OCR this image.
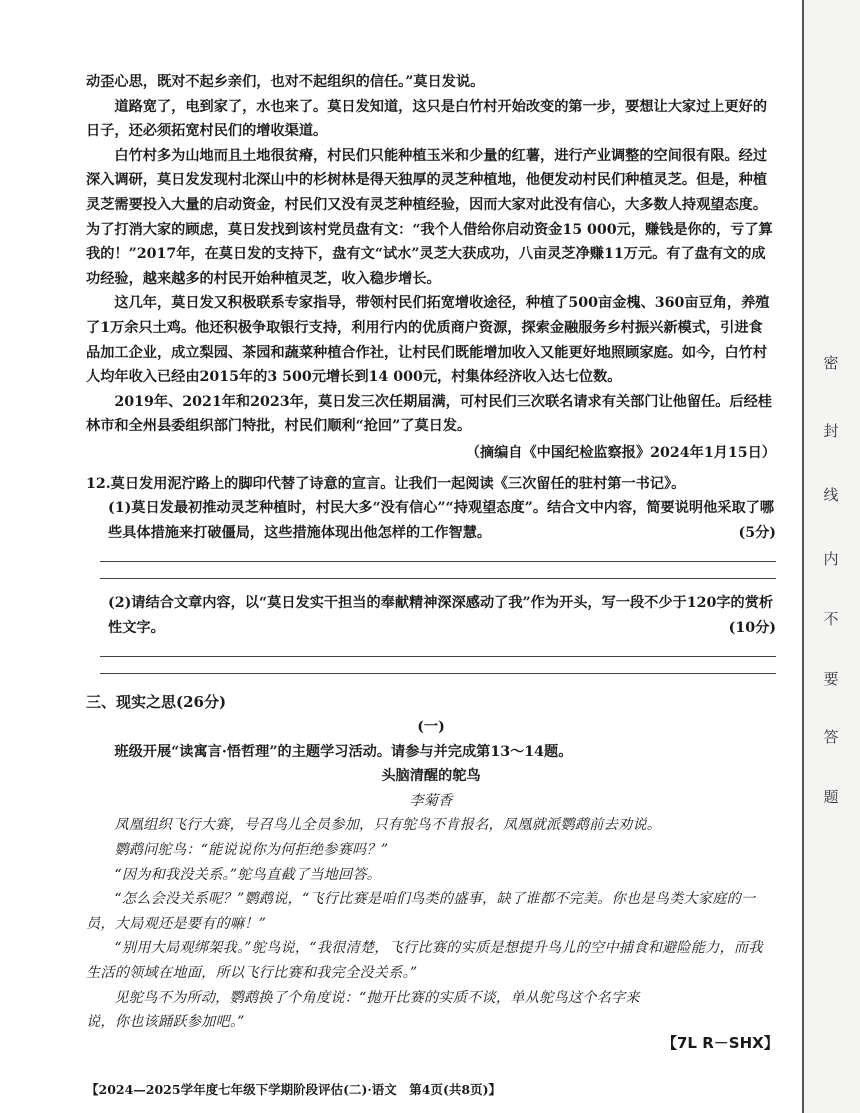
密
封
线
内
不
要
答
题

动歪心思，既对不起乡亲们，也对不起组织的信任。”莫日发说。

道路宽了，电到家了，水也来了。莫日发知道，这只是白竹村开始改变的第一步，要想让大家过上更好的日子，还必须拓宽村民们的增收渠道。

白竹村多为山地而且土地很贫瘠，村民们只能种植玉米和少量的红薯，进行产业调整的空间很有限。经过深入调研，莫日发发现村北深山中的杉树林是得天独厚的灵芝种植地，他便发动村民们种植灵芝。但是，种植灵芝需要投入大量的启动资金，村民们又没有灵芝种植经验，因而大家对此没有信心，大多数人持观望态度。为了打消大家的顾虑，莫日发找到该村党员盘有文：“我个人借给你启动资金15 000元，赚钱是你的，亏了算我的！”2017年，在莫日发的支持下，盘有文“试水”灵芝大获成功，八亩灵芝净赚11万元。有了盘有文的成功经验，越来越多的村民开始种植灵芝，收入稳步增长。

这几年，莫日发又积极联系专家指导，带领村民们拓宽增收途径，种植了500亩金槐、360亩豆角，养殖了1万余只土鸡。他还积极争取银行支持，利用行内的优质商户资源，探索金融服务乡村振兴新模式，引进食品加工企业，成立梨园、茶园和蔬菜种植合作社，让村民们既能增加收入又能更好地照顾家庭。如今，白竹村人均年收入已经由2015年的3 500元增长到14 000元，村集体经济收入达七位数。

2019年、2021年和2023年，莫日发三次任期届满，可村民们三次联名请求有关部门让他留任。后经桂林市和全州县委组织部门特批，村民们顺利“抢回”了莫日发。

（摘编自《中国纪检监察报》2024年1月15日）

12.莫日发用泥泞路上的脚印代替了诗意的宣言。让我们一起阅读《三次留任的驻村第一书记》。

(1)莫日发最初推动灵芝种植时，村民大多“没有信心”“持观望态度”。结合文中内容，简要说明他采取了哪些具体措施来打破僵局，这些措施体现出他怎样的工作智慧。	(5分)

(2)请结合文章内容，以“莫日发实干担当的奉献精神深深感动了我”作为开头，写一段不少于120字的赏析性文字。	(10分)

三、现实之思(26分)

(一)

班级开展“读寓言·悟哲理”的主题学习活动。请参与并完成第13～14题。

头脑清醒的鸵鸟

李菊香

凤凰组织飞行大赛，号召鸟儿全员参加，只有鸵鸟不肯报名，凤凰就派鹦鹉前去劝说。

鹦鹉问鸵鸟：“能说说你为何拒绝参赛吗？”

“因为和我没关系。”鸵鸟直截了当地回答。

“怎么会没关系呢？”鹦鹉说，“飞行比赛是咱们鸟类的盛事，缺了谁都不完美。你也是鸟类大家庭的一员，大局观还是要有的嘛！”

“别用大局观绑架我。”鸵鸟说，“我很清楚，飞行比赛的实质是想提升鸟儿的空中捕食和避险能力，而我生活的领域在地面，所以飞行比赛和我完全没关系。”

见鸵鸟不为所动，鹦鹉换了个角度说：“抛开比赛的实质不谈，单从鸵鸟这个名字来说，你也该踊跃参加吧。”

【7L R－SHX】
【2024—2025学年度七年级下学期阶段评估(二)·语文　第4页(共8页)】
